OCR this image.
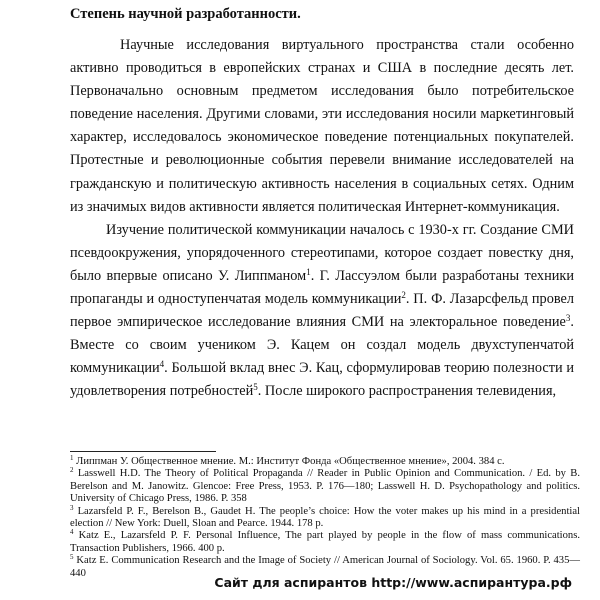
Степень научной разработанности.

Научные исследования виртуального пространства стали особенно активно проводиться в европейских странах и США в последние десять лет. Первоначально основным предметом исследования было потребительское поведение населения. Другими словами, эти исследования носили маркетинговый характер, исследовалось экономическое поведение потенциальных покупателей. Протестные и революционные события перевели внимание исследователей на гражданскую и политическую активность населения в социальных сетях. Одним из значимых видов активности является политическая Интернет-коммуникация.

Изучение политической коммуникации началось с 1930-х гг. Создание СМИ псевдоокружения, упорядоченного стереотипами, которое создает повестку дня, было впервые описано У. Липпманом$^1$. Г. Лассуэлом были разработаны техники пропаганды и одноступенчатая модель коммуникации$^2$. П. Ф. Лазарсфельд провел первое эмпирическое исследование влияния СМИ на электоральное поведение$^3$. Вместе со своим учеником Э. Кацем он создал модель двухступенчатой коммуникации$^4$. Большой вклад внес Э. Кац, сформулировав теорию полезности и удовлетворения потребностей$^5$. После широкого распространения телевидения,

$^1$ Липпман У. Общественное мнение. М.: Институт Фонда «Общественное мнение», 2004. 384 с.

$^2$ Lasswell H.D. The Theory of Political Propaganda // Reader in Public Opinion and Communication. / Ed. by B. Berelson and M. Janowitz. Glencoe: Free Press, 1953. P. 176—180; Lasswell H. D. Psychopathology and politics. University of Chicago Press, 1986. P. 358

$^3$ Lazarsfeld P. F., Berelson B., Gaudet H. The people’s choice: How the voter makes up his mind in a presidential election // New York: Duell, Sloan and Pearce. 1944. 178 p.

$^4$ Katz E., Lazarsfeld P. F. Personal Influence, The part played by people in the flow of mass communications. Transaction Publishers, 1966. 400 p.

$^5$ Katz E. Communication Research and the Image of Society // American Journal of Sociology. Vol. 65. 1960. P. 435—440

Сайт для аспирантов http://www.аспирантура.рф
